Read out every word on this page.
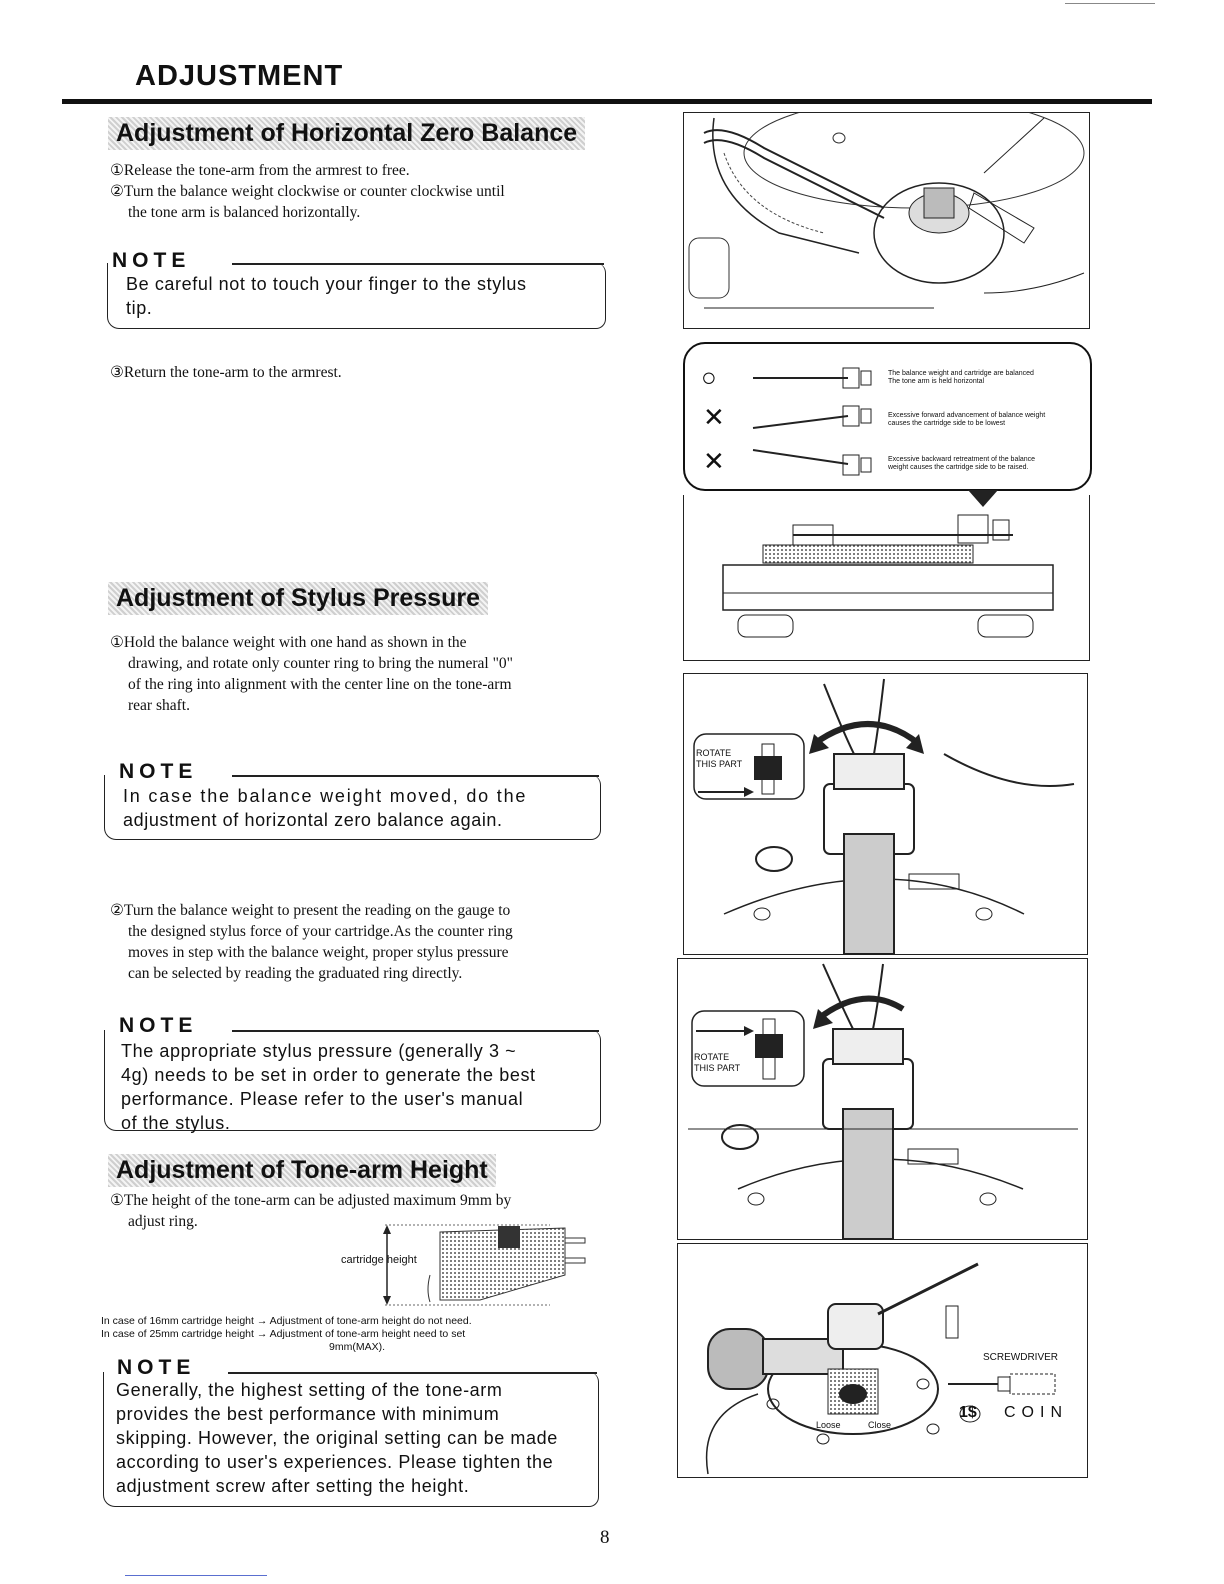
ADJUSTMENT
Adjustment of Horizontal Zero Balance
①Release the tone-arm from the armrest to free.
②Turn the balance weight clockwise or counter clockwise until
the tone arm is balanced horizontally.
NOTE
Be careful not to touch your finger to the stylus
tip.
③Return the tone-arm to the armrest.
Adjustment of Stylus Pressure
①Hold the balance weight with one hand as shown in the
drawing, and rotate only counter ring to bring the numeral "0"
of the ring into alignment with the center line on the tone-arm
rear shaft.
NOTE
In case the balance weight moved, do the
adjustment of horizontal zero balance again.
②Turn the balance weight to present the reading on the gauge to
the designed stylus force of your cartridge.As the counter ring
moves in step with the balance weight, proper stylus pressure
can be selected by reading the graduated ring directly.
NOTE
The appropriate stylus pressure (generally 3 ~
4g) needs to be set in order to generate the best
performance. Please refer to the user's manual
of the stylus.
Adjustment of Tone-arm Height
①The height of the tone-arm can be adjusted maximum 9mm by
adjust ring.
cartridge height
In case of 16mm cartridge height → Adjustment of tone-arm height do not need.
In case of 25mm cartridge height → Adjustment of tone-arm height need to set
9mm(MAX).
NOTE
Generally, the highest setting of the tone-arm
provides the best performance with minimum
skipping. However, the original setting can be made
according to user's experiences. Please tighten the
adjustment screw after setting the height.
○
✕
✕
The balance weight and cartridge are balanced
The tone arm is held horizontal
Excessive forward advancement of balance weight
causes the cartridge side to be lowest
Excessive backward retreatment of the balance
weight causes the cartridge side to be raised.
ROTATE
THIS PART
ROTATE
THIS PART
SCREWDRIVER
1$ COIN
Loose	Close
8
